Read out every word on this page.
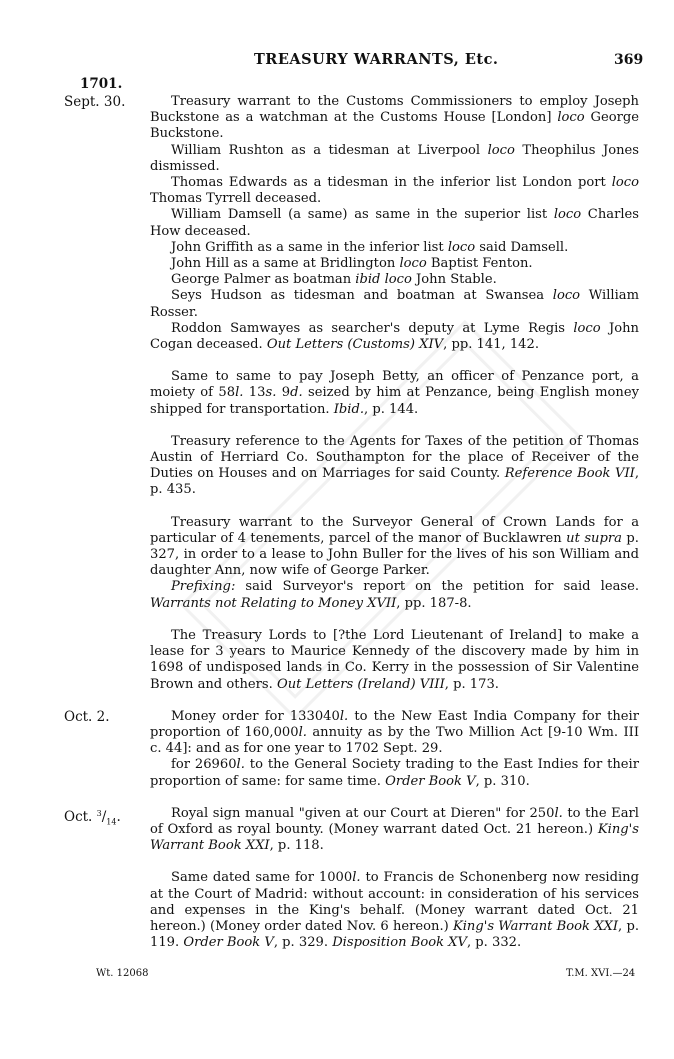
TREASURY WARRANTS, Etc.	369
1701.
Sept. 30.	Treasury warrant to the Customs Commissioners to employ Joseph Buckstone as a watchman at the Customs House [London] loco George Buckstone.

William Rushton as a tidesman at Liverpool loco Theophilus Jones dismissed.

Thomas Edwards as a tidesman in the inferior list London port loco Thomas Tyrrell deceased.

William Damsell (a same) as same in the superior list loco Charles How deceased.

John Griffith as a same in the inferior list loco said Damsell.

John Hill as a same at Bridlington loco Baptist Fenton.

George Palmer as boatman ibid loco John Stable.

Seys Hudson as tidesman and boatman at Swansea loco William Rosser.

Roddon Samwayes as searcher's deputy at Lyme Regis loco John Cogan deceased. Out Letters (Customs) XIV, pp. 141, 142.

Same to same to pay Joseph Betty, an officer of Penzance port, a moiety of 58l. 13s. 9d. seized by him at Penzance, being English money shipped for transportation. Ibid., p. 144.

Treasury reference to the Agents for Taxes of the petition of Thomas Austin of Herriard Co. Southampton for the place of Receiver of the Duties on Houses and on Marriages for said County. Reference Book VII, p. 435.

Treasury warrant to the Surveyor General of Crown Lands for a particular of 4 tenements, parcel of the manor of Bucklawren ut supra p. 327, in order to a lease to John Buller for the lives of his son William and daughter Ann, now wife of George Parker.

Prefixing: said Surveyor's report on the petition for said lease. Warrants not Relating to Money XVII, pp. 187-8.

The Treasury Lords to [?the Lord Lieutenant of Ireland] to make a lease for 3 years to Maurice Kennedy of the discovery made by him in 1698 of undisposed lands in Co. Kerry in the possession of Sir Valentine Brown and others. Out Letters (Ireland) VIII, p. 173.

Oct. 2.	Money order for 133040l. to the New East India Company for their proportion of 160,000l. annuity as by the Two Million Act [9-10 Wm. III c. 44]: and as for one year to 1702 Sept. 29.

for 26960l. to the General Society trading to the East Indies for their proportion of same: for same time. Order Book V, p. 310.

Oct. $^3/_{14}$.	Royal sign manual "given at our Court at Dieren" for 250l. to the Earl of Oxford as royal bounty. (Money warrant dated Oct. 21 hereon.) King's Warrant Book XXI, p. 118.

Same dated same for 1000l. to Francis de Schonenberg now residing at the Court of Madrid: without account: in consideration of his services and expenses in the King's behalf. (Money warrant dated Oct. 21 hereon.) (Money order dated Nov. 6 hereon.) King's Warrant Book XXI, p. 119. Order Book V, p. 329. Disposition Book XV, p. 332.

Wt. 12068	T.M. XVI.—24
